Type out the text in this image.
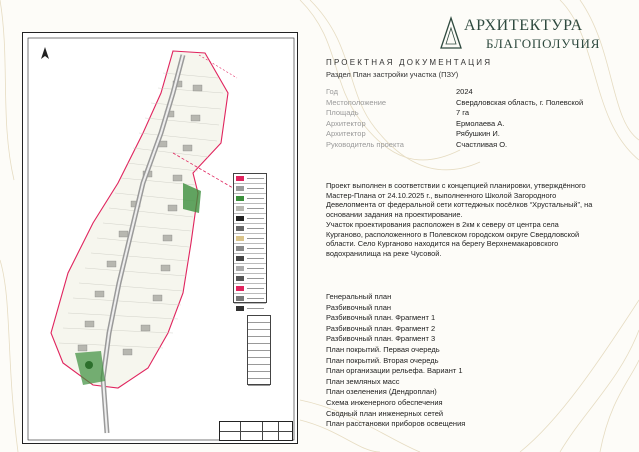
АРХИТЕКТУРА
БЛАГОПОЛУЧИЯ
ПРОЕКТНАЯ ДОКУМЕНТАЦИЯ
Раздел План застройки участка (ПЗУ)
Год	2024
Местоположение	Свердловская область, г. Полевской
Площадь	7 га
Архитектор	Ермолаева А.
Архитектор	Рябушкин И.
Руководитель проекта	Счастливая О.

Проект выполнен в соответствии с концепцией планировки, утверждённого Мастер-Плана от 24.10.2025 г., выполненного Школой Загородного Девелопмента от федеральной сети коттеджных посёлков “Хрустальный”, на основании задания на проектирование.

Участок проектирования расположен в 2км к северу от центра села Курганово, расположенного в Полевском городском округе Свердловской области. Село Курганово находится на берегу Верхнемакаровского водохранилища на реке Чусовой.

Генеральный план
Разбивочный план
Разбивочный план. Фрагмент 1
Разбивочный план. Фрагмент 2
Разбивочный план. Фрагмент 3
План покрытий. Первая очередь
План покрытий. Вторая очередь
План организации рельефа. Вариант 1
План земляных масс
План озеленения (Дендроплан)
Схема инженерного обеспечения
Сводный план инженерных сетей
План расстановки приборов освещения
